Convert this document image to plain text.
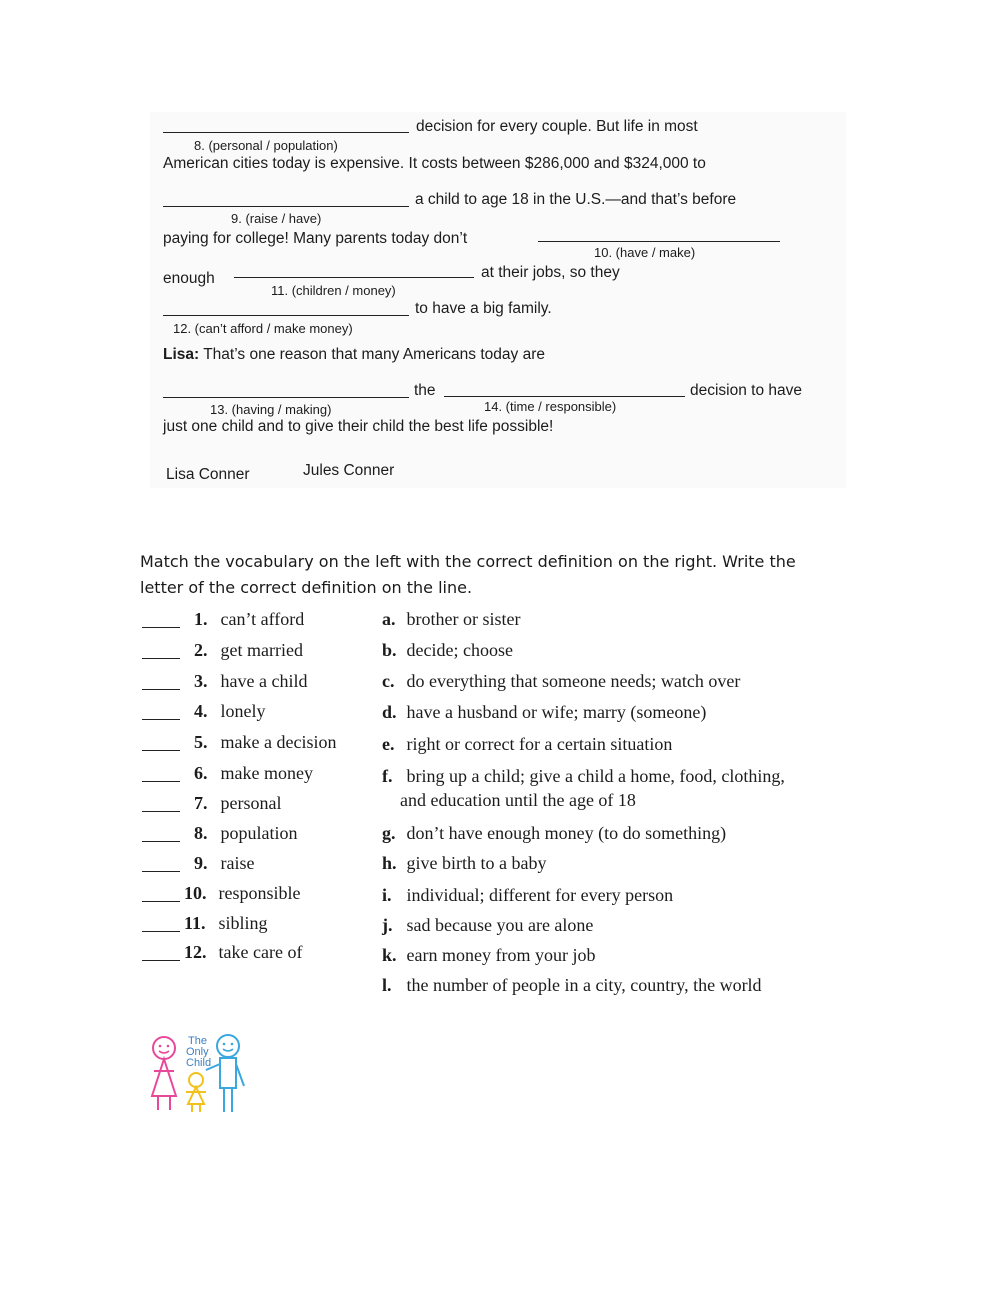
decision for every couple. But life in most
8. (personal / population)
American cities today is expensive. It costs between $286,000 and $324,000 to
a child to age 18 in the U.S.—and that’s before
9. (raise / have)
paying for college! Many parents today don’t
10. (have / make)
enough	at their jobs, so they
11. (children / money)
to have a big family.
12. (can’t afford / make money)
Lisa: That’s one reason that many Americans today are
the	decision to have
13. (having / making)	14. (time / responsible)
just one child and to give their child the best life possible!
Lisa Conner	Jules Conner
Match the vocabulary on the left with the correct definition on the right. Write the
letter of the correct definition on the line.
1. can’t afford
2. get married
3. have a child
4. lonely
5. make a decision
6. make money
7. personal
8. population
9. raise
10. responsible
11. sibling
12. take care of
a. brother or sister
b. decide; choose
c. do everything that someone needs; watch over
d. have a husband or wife; marry (someone)
e. right or correct for a certain situation
f. bring up a child; give a child a home, food, clothing,
and education until the age of 18
g. don’t have enough money (to do something)
h. give birth to a baby
i. individual; different for every person
j. sad because you are alone
k. earn money from your job
l. the number of people in a city, country, the world
The
Only
Child
